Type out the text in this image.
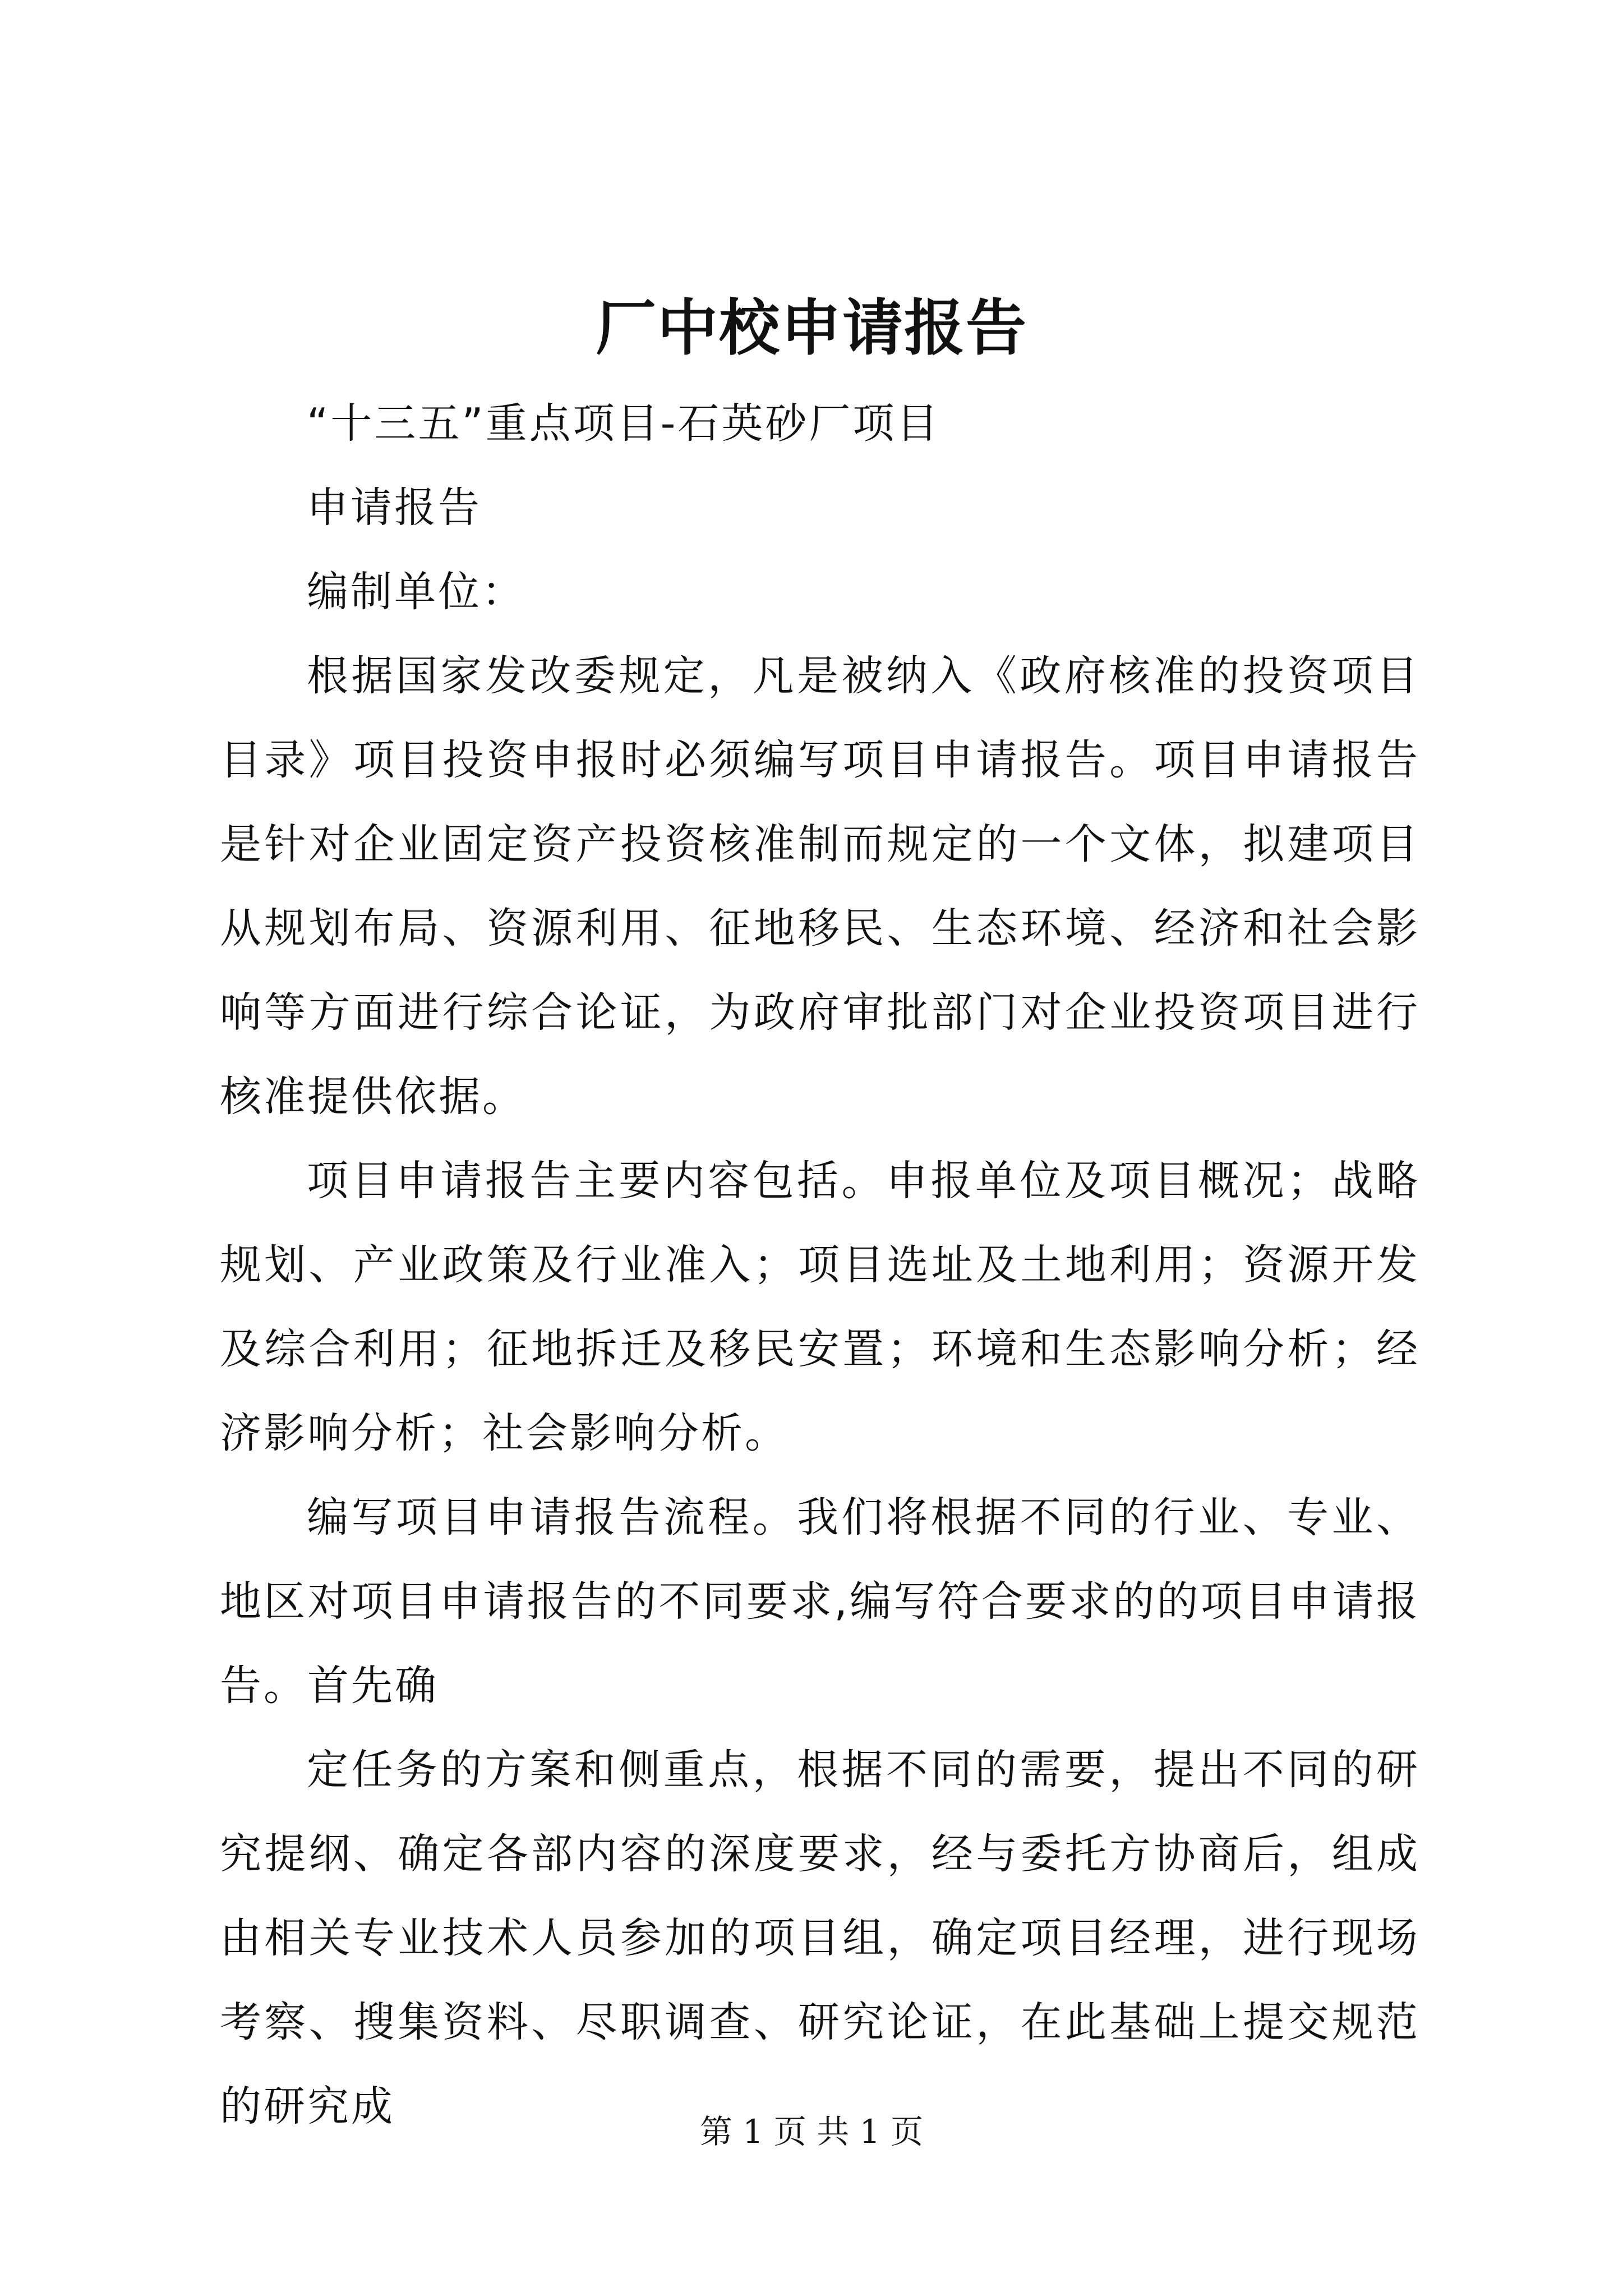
厂中校申请报告

“十三五”重点项目-石英砂厂项目

申请报告

编制单位：

根据国家发改委规定，凡是被纳入《政府核准的投资项目目录》项目投资申报时必须编写项目申请报告。项目申请报告是针对企业固定资产投资核准制而规定的一个文体，拟建项目从规划布局、资源利用、征地移民、生态环境、经济和社会影响等方面进行综合论证，为政府审批部门对企业投资项目进行核准提供依据。

项目申请报告主要内容包括。申报单位及项目概况；战略规划、产业政策及行业准入；项目选址及土地利用；资源开发及综合利用；征地拆迁及移民安置；环境和生态影响分析；经济影响分析；社会影响分析。

编写项目申请报告流程。我们将根据不同的行业、专业、地区对项目申请报告的不同要求,编写符合要求的的项目申请报告。首先确

定任务的方案和侧重点，根据不同的需要，提出不同的研究提纲、确定各部内容的深度要求，经与委托方协商后，组成由相关专业技术人员参加的项目组，确定项目经理，进行现场考察、搜集资料、尽职调查、研究论证，在此基础上提交规范的研究成

第 1 页 共 1 页
